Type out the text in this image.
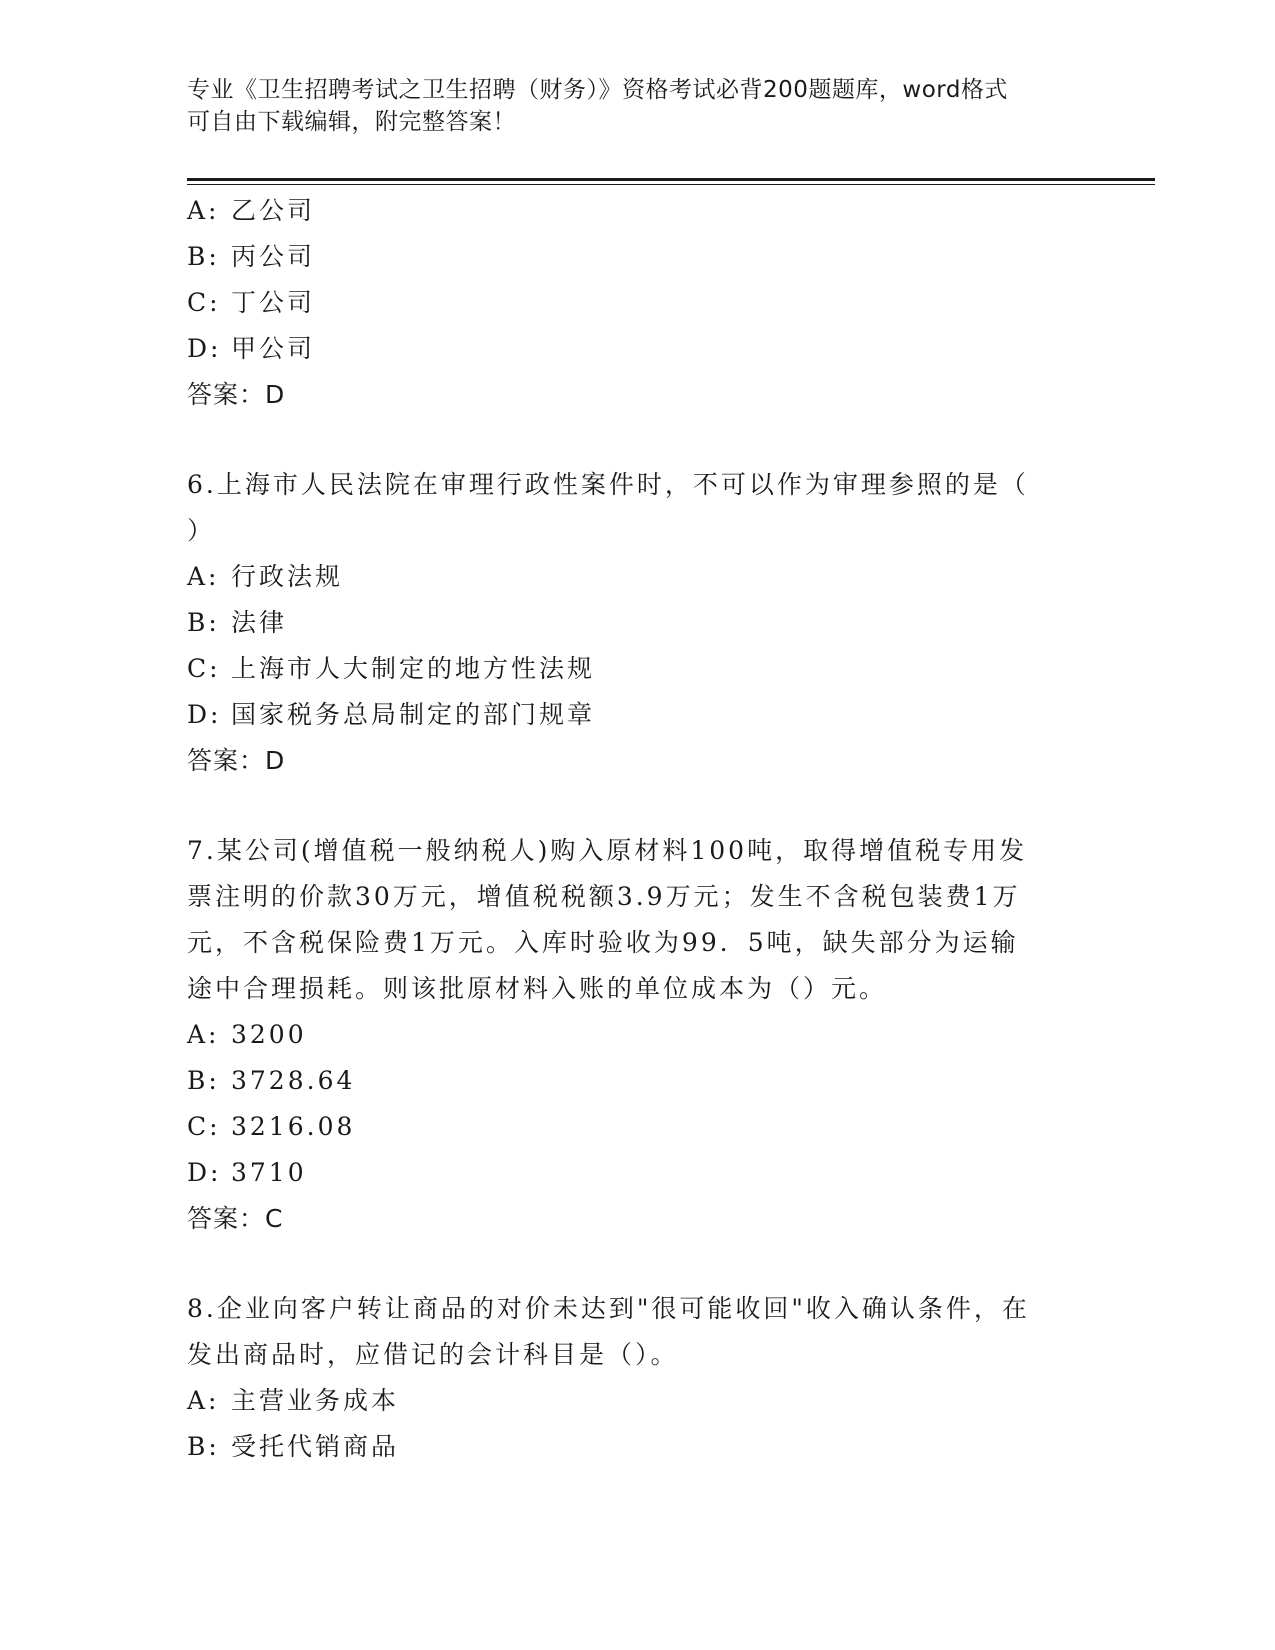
专业《卫生招聘考试之卫生招聘（财务）》资格考试必背200题题库，word格式
可自由下载编辑，附完整答案！
A: 乙公司
B: 丙公司
C: 丁公司
D: 甲公司
答案：D
6.上海市人民法院在审理行政性案件时，不可以作为审理参照的是（
）
A: 行政法规
B: 法律
C: 上海市人大制定的地方性法规
D: 国家税务总局制定的部门规章
答案：D
7.某公司(增值税一般纳税人)购入原材料100吨，取得增值税专用发
票注明的价款30万元，增值税税额3.9万元；发生不含税包装费1万
元，不含税保险费1万元。入库时验收为99．5吨，缺失部分为运输
途中合理损耗。则该批原材料入账的单位成本为（）元。
A: 3200
B: 3728.64
C: 3216.08
D: 3710
答案：C
8.企业向客户转让商品的对价未达到"很可能收回"收入确认条件，在
发出商品时，应借记的会计科目是（）。
A: 主营业务成本
B: 受托代销商品
